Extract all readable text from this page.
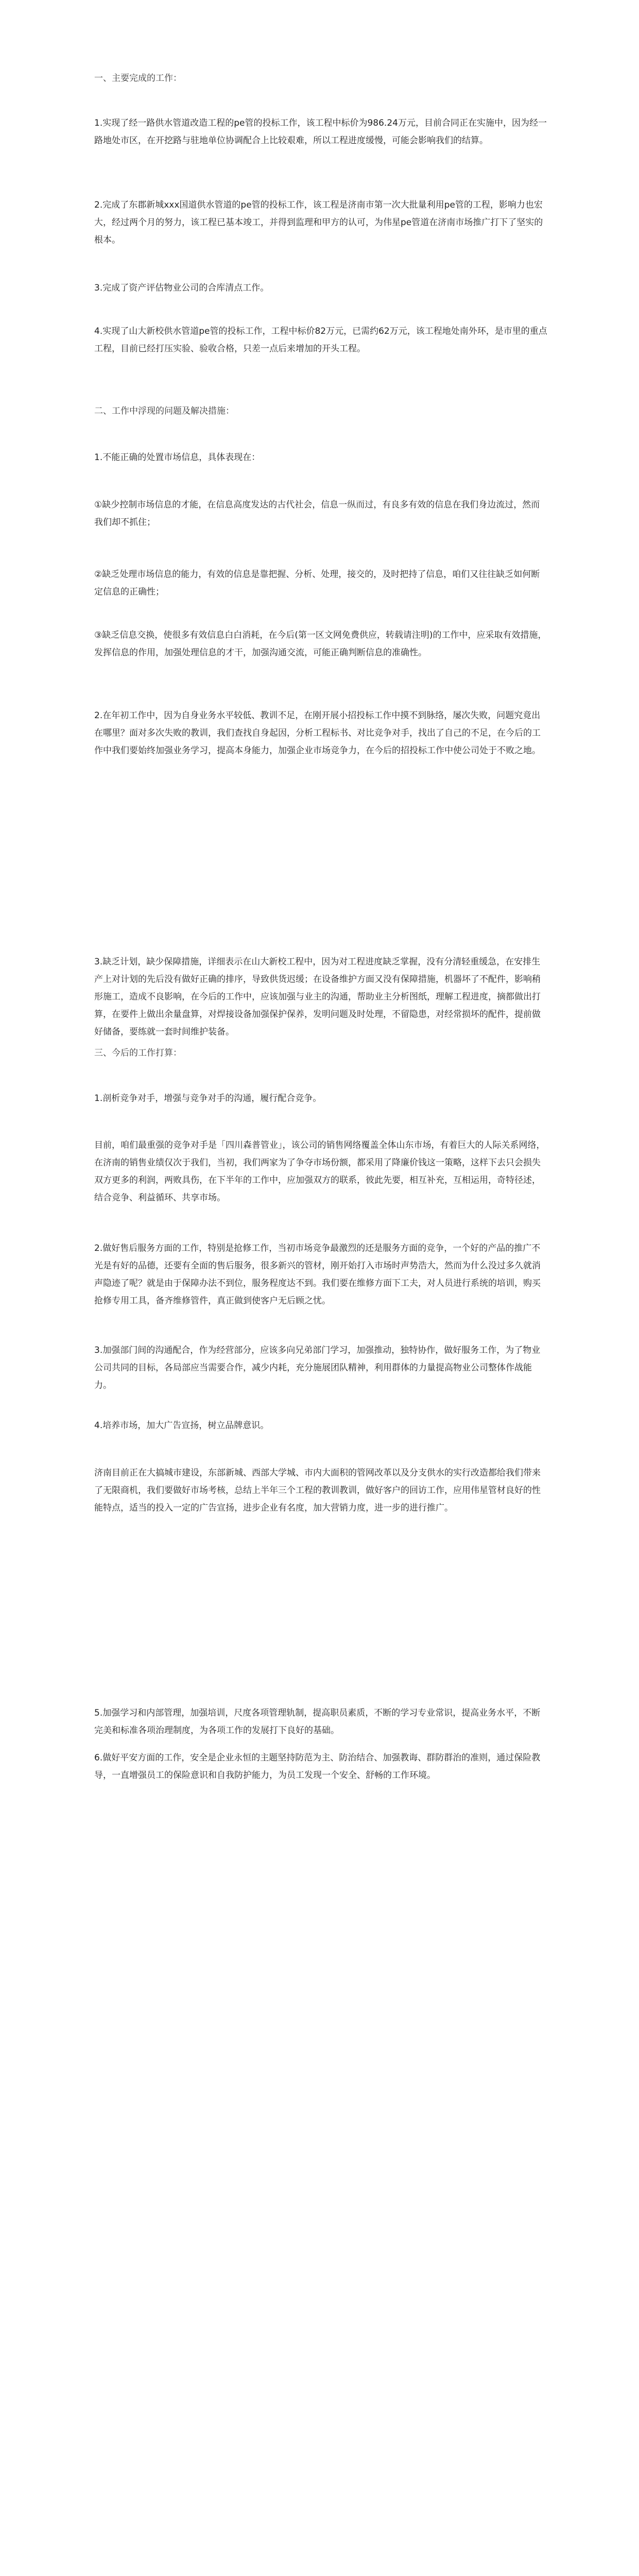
一、主要完成的工作：

1.实现了经一路供水管道改造工程的pe管的投标工作，该工程中标价为986.24万元，目前合同正在实施中，因为经一路地处市区，在开挖路与驻地单位协调配合上比较艰难，所以工程进度缓慢，可能会影响我们的结算。

2.完成了东郡新城xxx国道供水管道的pe管的投标工作，该工程是济南市第一次大批量利用pe管的工程，影响力也宏大，经过两个月的努力，该工程已基本竣工，并得到监理和甲方的认可，为伟星pe管道在济南市场推广打下了坚实的根本。

3.完成了资产评估物业公司的合库清点工作。

4.实现了山大新校供水管道pe管的投标工作，工程中标价82万元，已需约62万元，该工程地处南外环，是市里的重点工程，目前已经打压实验、验收合格，只差一点后来增加的开头工程。

二、工作中浮现的问题及解决措施：

1.不能正确的处置市场信息，具体表现在：

①缺少控制市场信息的才能，在信息高度发达的古代社会，信息一纵而过，有良多有效的信息在我们身边流过，然而我们却不抓住；

②缺乏处理市场信息的能力，有效的信息是靠把握、分析、处理，接交的，及时把持了信息，咱们又往往缺乏如何断定信息的正确性；

③缺乏信息交换，使很多有效信息白白消耗，在今后(第一区文网免费供应，转载请注明)的工作中，应采取有效措施，发挥信息的作用，加强处理信息的才干，加强沟通交流，可能正确判断信息的准确性。

2.在年初工作中，因为自身业务水平较低、教训不足，在刚开展小招投标工作中摸不到脉络，屡次失败，问题究竟出在哪里？面对多次失败的教训，我们查找自身起因，分析工程标书、对比竞争对手，找出了自己的不足，在今后的工作中我们要始终加强业务学习，提高本身能力，加强企业市场竞争力，在今后的招投标工作中使公司处于不败之地。

3.缺乏计划，缺少保障措施，详细表示在山大新校工程中，因为对工程进度缺乏掌握，没有分清轻重缓急，在安排生产上对计划的先后没有做好正确的排序，导致供货迟缓；在设备维护方面又没有保障措施，机器坏了不配件，影响稍形施工，造成不良影响，在今后的工作中，应该加强与业主的沟通，帮助业主分析图纸，理解工程进度，摘都做出打算，在要件上做出余量盘算，对焊接设备加强保护保养，发明问题及时处理，不留隐患，对经常损坏的配件，提前做好储备，要练就一套时间维护装备。

三、今后的工作打算：

1.剖析竞争对手，增强与竞争对手的沟通，履行配合竞争。

目前，咱们最重强的竞争对手是「四川森普管业」，该公司的销售网络覆盖全体山东市场，有着巨大的人际关系网络，在济南的销售业绩仅次于我们，当初，我们两家为了争夺市场份额，都采用了降廉价钱这一策略，这样下去只会损失双方更多的利润，两败具伤，在下半年的工作中，应加强双方的联系，彼此先要，相互补充，互相运用，奇特径述，结合竞争、利益循环、共享市场。

2.做好售后服务方面的工作，特别是抢修工作，当初市场竞争最激烈的还是服务方面的竞争，一个好的产品的推广不光是有好的品德，还要有全面的售后服务，很多新兴的管材，刚开始打入市场时声势浩大，然而为什么没过多久就消声隐迹了呢？就是由于保障办法不到位，服务程度达不到。我们要在维修方面下工夫，对人员进行系统的培训，购买抢修专用工具，备齐维修管件，真正做到使客户无后顾之忧。

3.加强部门间的沟通配合，作为经营部分，应该多向兄弟部门学习，加强推动，独特协作，做好服务工作，为了物业公司共同的目标，各局部应当需要合作，减少内耗，充分施展团队精神，利用群体的力量提高物业公司整体作战能力。

4.培养市场，加大广告宣扬，树立品牌意识。

济南目前正在大搞城市建设，东部新城、西部大学城、市内大面积的管网改革以及分支供水的实行改造都给我们带来了无限商机，我们要做好市场考核，总结上半年三个工程的教训教训，做好客户的回访工作，应用伟星管材良好的性能特点，适当的投入一定的广告宣扬，进步企业有名度，加大营销力度，进一步的进行推广。

5.加强学习和内部管理，加强培训，尺度各项管理轨制，提高职员素质，不断的学习专业常识，提高业务水平，不断完美和标准各项治理制度，为各项工作的发展打下良好的基础。

6.做好平安方面的工作，安全是企业永恒的主题坚持防范为主、防治结合、加强教诲、群防群治的准则，通过保险教导，一直增强员工的保险意识和自我防护能力，为员工发现一个安全、舒畅的工作环境。
